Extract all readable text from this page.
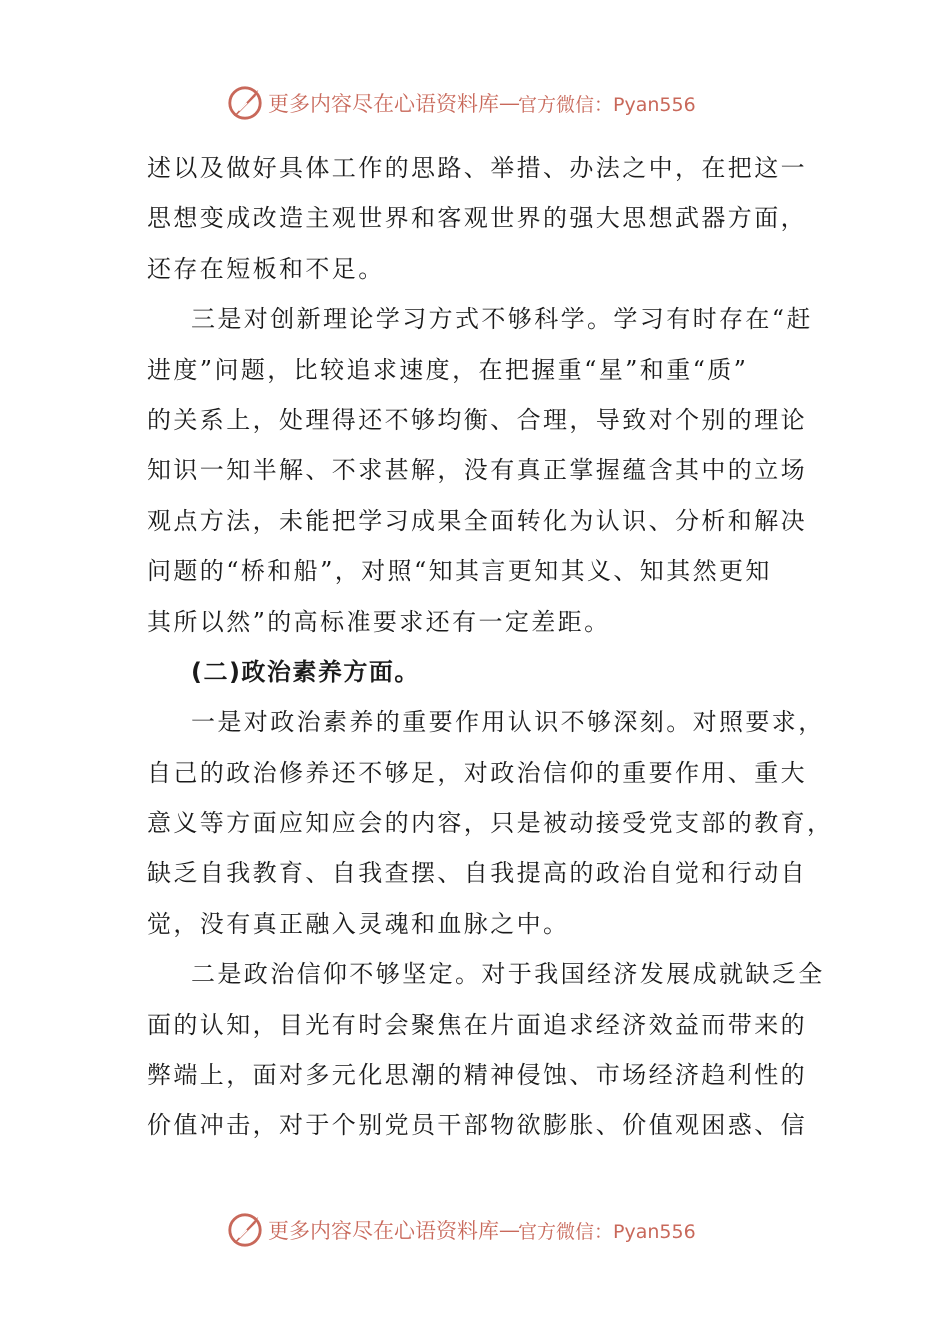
更多内容尽在心语资料库 — 官方微信：Pyan556
述以及做好具体工作的思路、举措、办法之中，在把这一
思想变成改造主观世界和客观世界的强大思想武器方面，
还存在短板和不足。
三是对创新理论学习方式不够科学。学习有时存在“赶
进度”问题，比较追求速度，在把握重“星”和重“质”
的关系上，处理得还不够均衡、合理，导致对个别的理论
知识一知半解、不求甚解，没有真正掌握蕴含其中的立场
观点方法，未能把学习成果全面转化为认识、分析和解决
问题的“桥和船”，对照“知其言更知其义、知其然更知
其所以然”的高标准要求还有一定差距。
(二)政治素养方面。
一是对政治素养的重要作用认识不够深刻。对照要求，
自己的政治修养还不够足，对政治信仰的重要作用、重大
意义等方面应知应会的内容，只是被动接受党支部的教育，
缺乏自我教育、自我查摆、自我提高的政治自觉和行动自
觉，没有真正融入灵魂和血脉之中。
二是政治信仰不够坚定。对于我国经济发展成就缺乏全
面的认知，目光有时会聚焦在片面追求经济效益而带来的
弊端上，面对多元化思潮的精神侵蚀、市场经济趋利性的
价值冲击，对于个别党员干部物欲膨胀、价值观困惑、信
更多内容尽在心语资料库 — 官方微信：Pyan556
